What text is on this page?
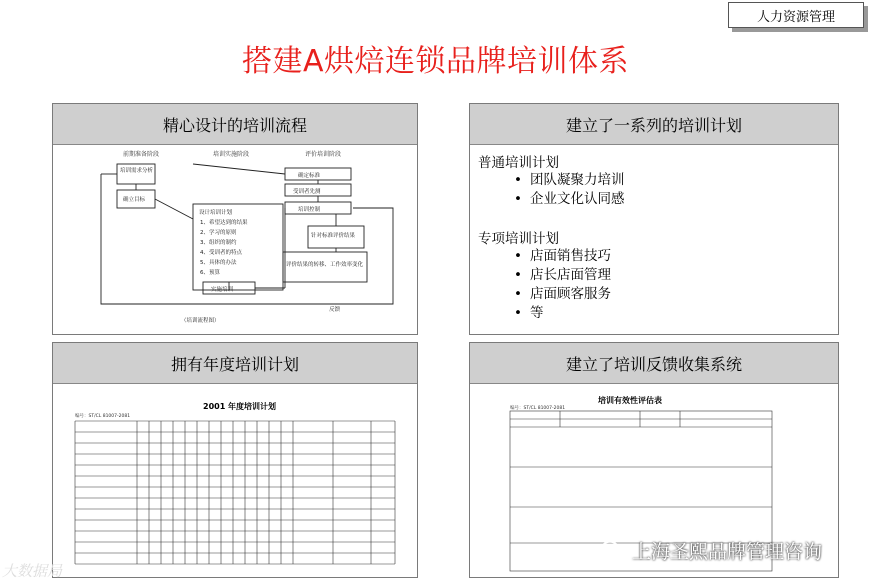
人力资源管理
搭建A烘焙连锁品牌培训体系
精心设计的培训流程
前期准备阶段	培训实施阶段	评价培训阶段
培训需求分析
确立目标
设计培训计划
1、希望达到的结果
2、学习的原则
3、组织的制约
4、受训者的特点
5、具体的办法
6、预算
实施培训
确定标准
受训者先测
培训控制
针对标准评价结果
评价结果的转移、工作效率变化
反馈
（培训流程图）
建立了一系列的培训计划

普通培训计划

• 团队凝聚力培训

• 企业文化认同感

专项培训计划

• 店面销售技巧

• 店长店面管理

• 店面顾客服务

• 等

拥有年度培训计划
2001 年度培训计划
编号：ST/CL 81007-2081
建立了培训反馈收集系统
培训有效性评估表
编号：ST/CL 81007-2081
大数据局
上海圣熙品牌管理咨询
